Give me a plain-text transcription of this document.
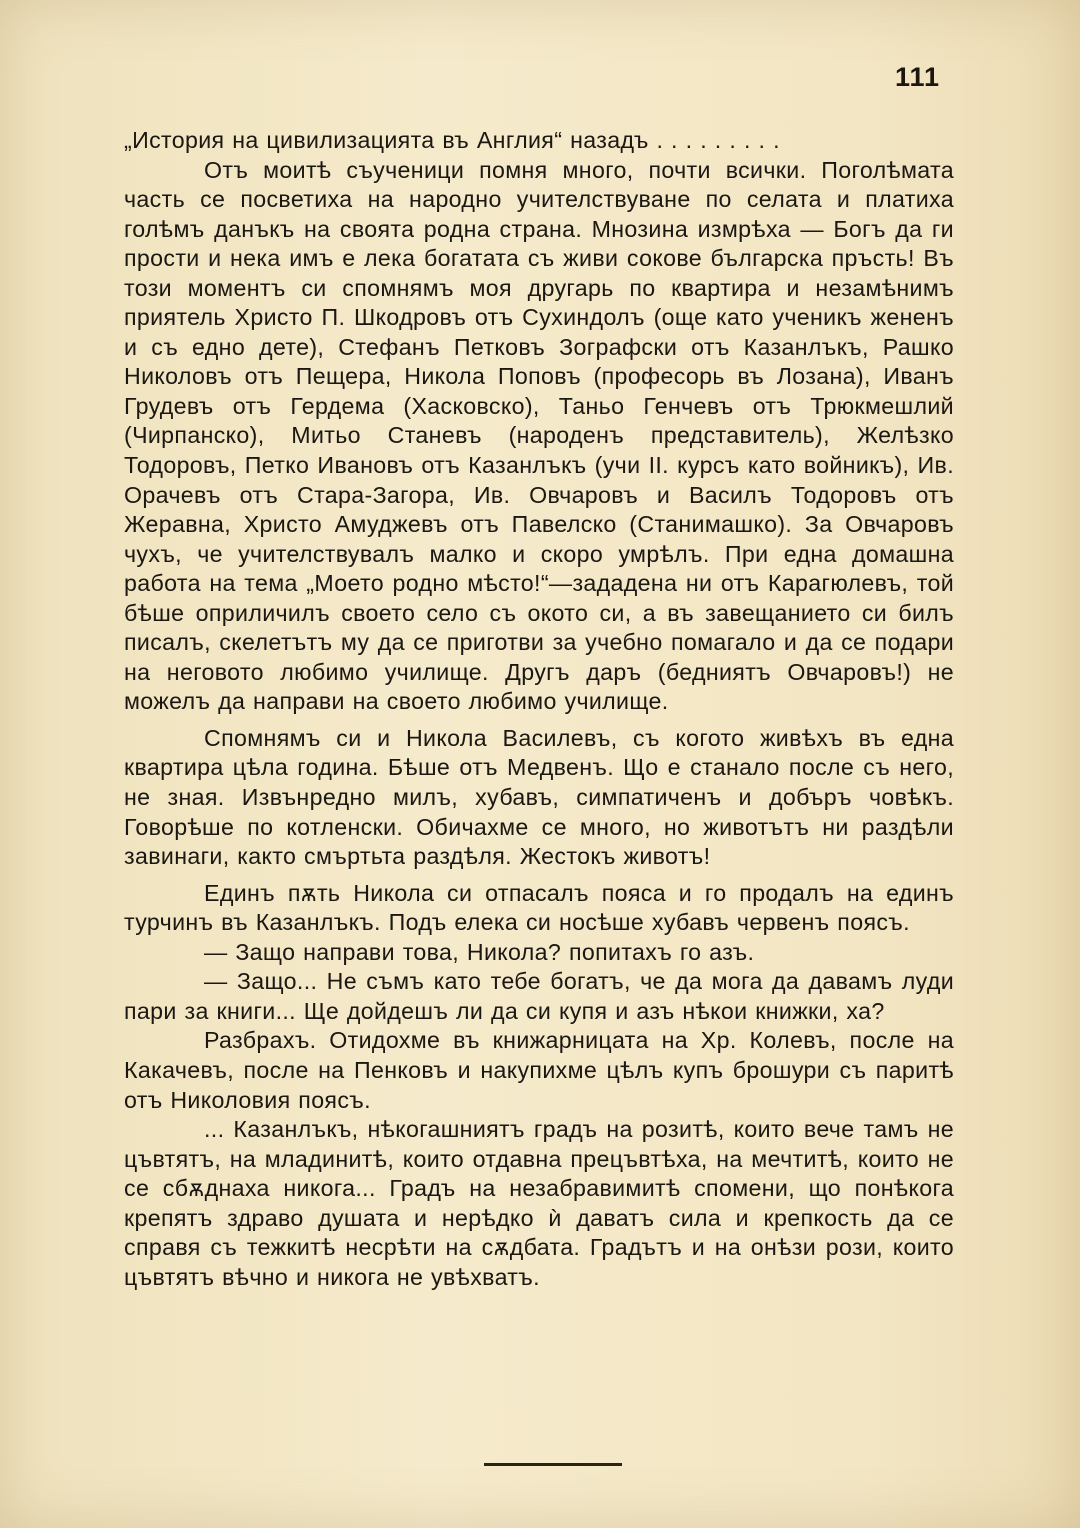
111

„История на цивилизацията въ Англия“ назадъ . . . . . . . . .

Отъ моитѣ съученици помня много, почти всички. Поголѣмата часть се посветиха на народно учителствуване по селата и платиха голѣмъ данъкъ на своята родна страна. Мнозина измрѣха — Богъ да ги прости и нека имъ е лека богатата съ живи сокове българска пръсть! Въ този моментъ си спомнямъ моя другарь по квартира и незамѣнимъ приятель Христо П. Шкодровъ отъ Сухиндолъ (още като ученикъ жененъ и съ едно дете), Стефанъ Петковъ Зографски отъ Казанлъкъ, Рашко Николовъ отъ Пещера, Никола Поповъ (професорь въ Лозана), Иванъ Грудевъ отъ Гердема (Хасковско), Таньо Генчевъ отъ Трюкмешлий (Чирпанско), Митьо Станевъ (народенъ представитель), Желѣзко Тодоровъ, Петко Ивановъ отъ Казанлъкъ (учи II. курсъ като войникъ), Ив. Орачевъ отъ Стара-Загора, Ив. Овчаровъ и Василъ Тодоровъ отъ Жеравна, Христо Амуджевъ отъ Павелско (Станимашко). За Овчаровъ чухъ, че учителствувалъ малко и скоро умрѣлъ. При една домашна работа на тема „Моето родно мѣсто!“—зададена ни отъ Карагюлевъ, той бѣше оприличилъ своето село съ окото си, а въ завещанието си билъ писалъ, скелетътъ му да се приготви за учебно помагало и да се подари на неговото любимо училище. Другъ даръ (бедниятъ Овчаровъ!) не можелъ да направи на своето любимо училище.

Спомнямъ си и Никола Василевъ, съ когото живѣхъ въ една квартира цѣла година. Бѣше отъ Медвенъ. Що е станало после съ него, не зная. Извънредно милъ, хубавъ, симпатиченъ и добъръ човѣкъ. Говорѣше по котленски. Обичахме се много, но животътъ ни раздѣли завинаги, както смъртьта раздѣля. Жестокъ животъ!

Единъ пѫть Никола си отпасалъ пояса и го продалъ на единъ турчинъ въ Казанлъкъ. Подъ елека си носѣше хубавъ червенъ поясъ.

— Защо направи това, Никола? попитахъ го азъ.

— Защо... Не съмъ като тебе богатъ, че да мога да давамъ луди пари за книги... Ще дойдешъ ли да си купя и азъ нѣкои книжки, ха?

Разбрахъ. Отидохме въ книжарницата на Хр. Колевъ, после на Какачевъ, после на Пенковъ и накупихме цѣлъ купъ брошури съ паритѣ отъ Николовия поясъ.

... Казанлъкъ, нѣкогашниятъ градъ на розитѣ, които вече тамъ не цъвтятъ, на младинитѣ, които отдавна прецъвтѣха, на мечтитѣ, които не се сбѫднаха никога... Градъ на незабравимитѣ спомени, що понѣкога крепятъ здраво душата и нерѣдко ѝ даватъ сила и крепкость да се справя съ тежкитѣ несрѣти на сѫдбата. Градътъ и на онѣзи рози, които цъвтятъ вѣчно и никога не увѣхватъ.
